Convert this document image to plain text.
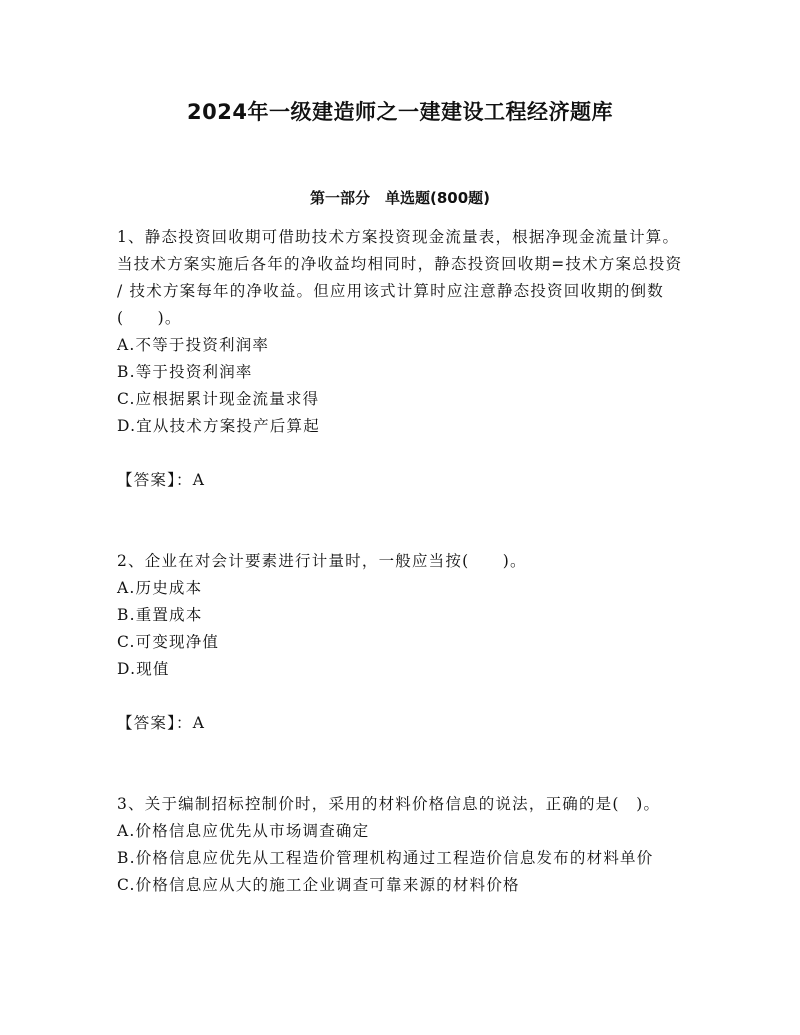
2024年一级建造师之一建建设工程经济题库
第一部分　单选题(800题)

1、静态投资回收期可借助技术方案投资现金流量表，根据净现金流量计算。当技术方案实施后各年的净收益均相同时，静态投资回收期=技术方案总投资 / 技术方案每年的净收益。但应用该式计算时应注意静态投资回收期的倒数(　　)。

A.不等于投资利润率

B.等于投资利润率

C.应根据累计现金流量求得

D.宜从技术方案投产后算起

【答案】：A

2、企业在对会计要素进行计量时，一般应当按(　　)。

A.历史成本

B.重置成本

C.可变现净值

D.现值

【答案】：A

3、关于编制招标控制价时，采用的材料价格信息的说法，正确的是(　)。

A.价格信息应优先从市场调查确定

B.价格信息应优先从工程造价管理机构通过工程造价信息发布的材料单价

C.价格信息应从大的施工企业调查可靠来源的材料价格
